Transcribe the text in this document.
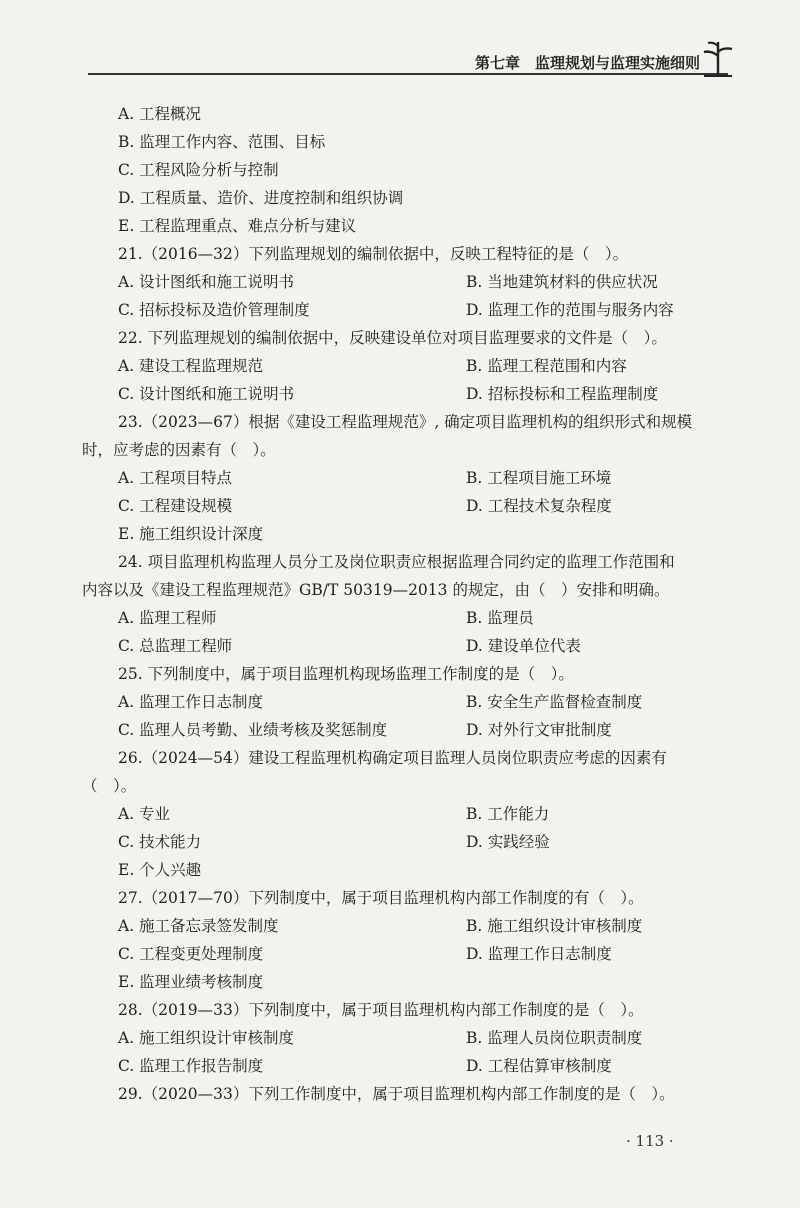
第七章　监理规划与监理实施细则
A. 工程概况
B. 监理工作内容、范围、目标
C. 工程风险分析与控制
D. 工程质量、造价、进度控制和组织协调
E. 工程监理重点、难点分析与建议
21.（2016—32）下列监理规划的编制依据中，反映工程特征的是（　）。
A. 设计图纸和施工说明书	B. 当地建筑材料的供应状况
C. 招标投标及造价管理制度	D. 监理工作的范围与服务内容
22. 下列监理规划的编制依据中，反映建设单位对项目监理要求的文件是（　）。
A. 建设工程监理规范	B. 监理工程范围和内容
C. 设计图纸和施工说明书	D. 招标投标和工程监理制度
23.（2023—67）根据《建设工程监理规范》, 确定项目监理机构的组织形式和规模
时，应考虑的因素有（　）。
A. 工程项目特点	B. 工程项目施工环境
C. 工程建设规模	D. 工程技术复杂程度
E. 施工组织设计深度
24. 项目监理机构监理人员分工及岗位职责应根据监理合同约定的监理工作范围和
内容以及《建设工程监理规范》GB/T 50319—2013 的规定，由（　）安排和明确。
A. 监理工程师	B. 监理员
C. 总监理工程师	D. 建设单位代表
25. 下列制度中，属于项目监理机构现场监理工作制度的是（　）。
A. 监理工作日志制度	B. 安全生产监督检查制度
C. 监理人员考勤、业绩考核及奖惩制度	D. 对外行文审批制度
26.（2024—54）建设工程监理机构确定项目监理人员岗位职责应考虑的因素有
（　）。
A. 专业	B. 工作能力
C. 技术能力	D. 实践经验
E. 个人兴趣
27.（2017—70）下列制度中，属于项目监理机构内部工作制度的有（　）。
A. 施工备忘录签发制度	B. 施工组织设计审核制度
C. 工程变更处理制度	D. 监理工作日志制度
E. 监理业绩考核制度
28.（2019—33）下列制度中，属于项目监理机构内部工作制度的是（　）。
A. 施工组织设计审核制度	B. 监理人员岗位职责制度
C. 监理工作报告制度	D. 工程估算审核制度
29.（2020—33）下列工作制度中，属于项目监理机构内部工作制度的是（　）。
· 113 ·
